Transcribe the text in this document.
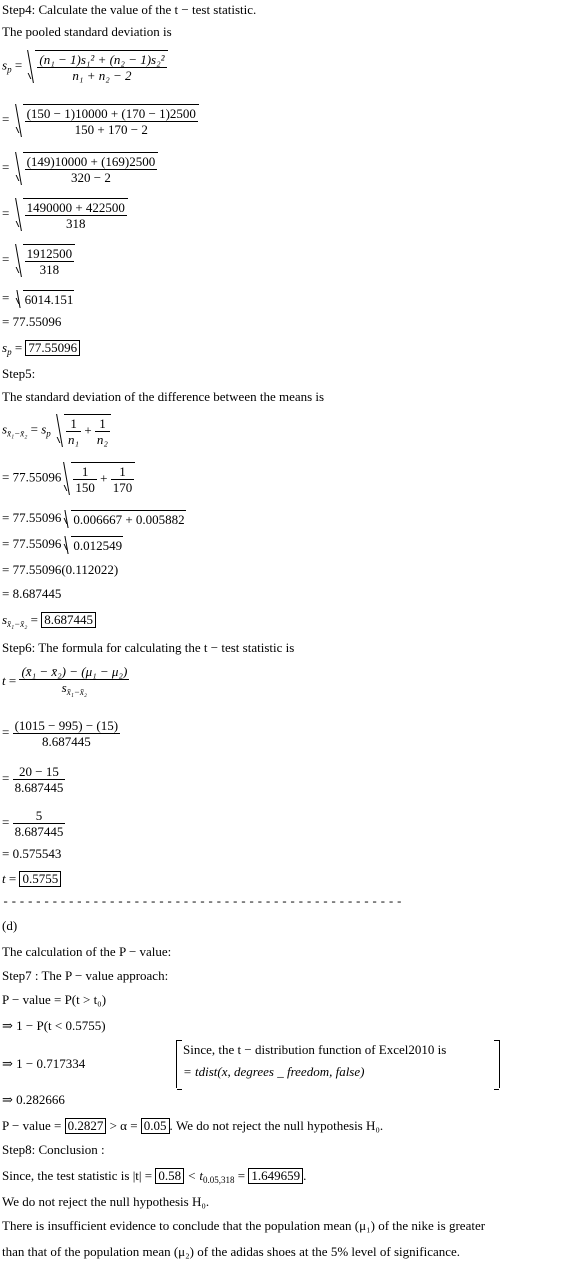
Step4: Calculate the value of the t − test statistic.
The pooled standard deviation is
$s_p = \frac{\text{(n₁ − 1)s₁² + (n₂ − 1)s₂²}}{\text{n₁ + n₂ − 2}}$
= $\frac{(150 - 1)10000 + (170 - 1)2500}{150 + 170 - 2}$
= $\frac{(149)10000 + (169)2500}{320 - 2}$
= $\frac{1490000 + 422500}{318}$
= $\frac{1912500}{318}$
= 6014.151
= 77.55096
$s_p = 77.55096$
Step5:
The standard deviation of the difference between the means is
$s_{x̄_1-x̄_2} = s_p \frac{1}{\text{n₁}} + \frac{1}{\text{n₂}}$
= $77.55096 \frac{1}{150} + \frac{1}{170}$
= 77.55096 0.006667 + 0.005882
= 77.55096 0.012549
= 77.55096(0.112022)
= 8.687445
$s_{x̄_1-x̄_2} = 8.687445$
Step6: The formula for calculating the t − test statistic is
$t = \frac{\text{(x̄₁ − x̄₂) − (μ₁ − μ₂)}}{s_{x̄_1-x̄_2}}$
= $\frac{(1015 - 995) - (15)}{8.687445}$
= $\frac{20 - 15}{8.687445}$
= $\frac{5}{8.687445}$
= 0.575543
t = 0.5755
-------------------------------------------------
(d)
The calculation of the P − value:
Step7 : The P − value approach:
P − value = P(t > t₀)
⇒ 1 − P(t < 0.5755)
⇒ 1 − 0.717334
Since, the t − distribution function of Excel2010 is
= tdist(x, degrees _ freedom, false)
⇒ 0.282666
P − value = 0.2827 > α = 0.05 . We do not reject the null hypothesis H₀.
Step8: Conclusion :
Since, the test statistic is $|t| = 0.58 < t_{0.05,318} = 1.649659$ .
We do not reject the null hypothesis H₀.
There is insufficient evidence to conclude that the population mean (μ₁) of the nike is greater
than that of the population mean (μ₂) of the adidas shoes at the 5% level of significance.
